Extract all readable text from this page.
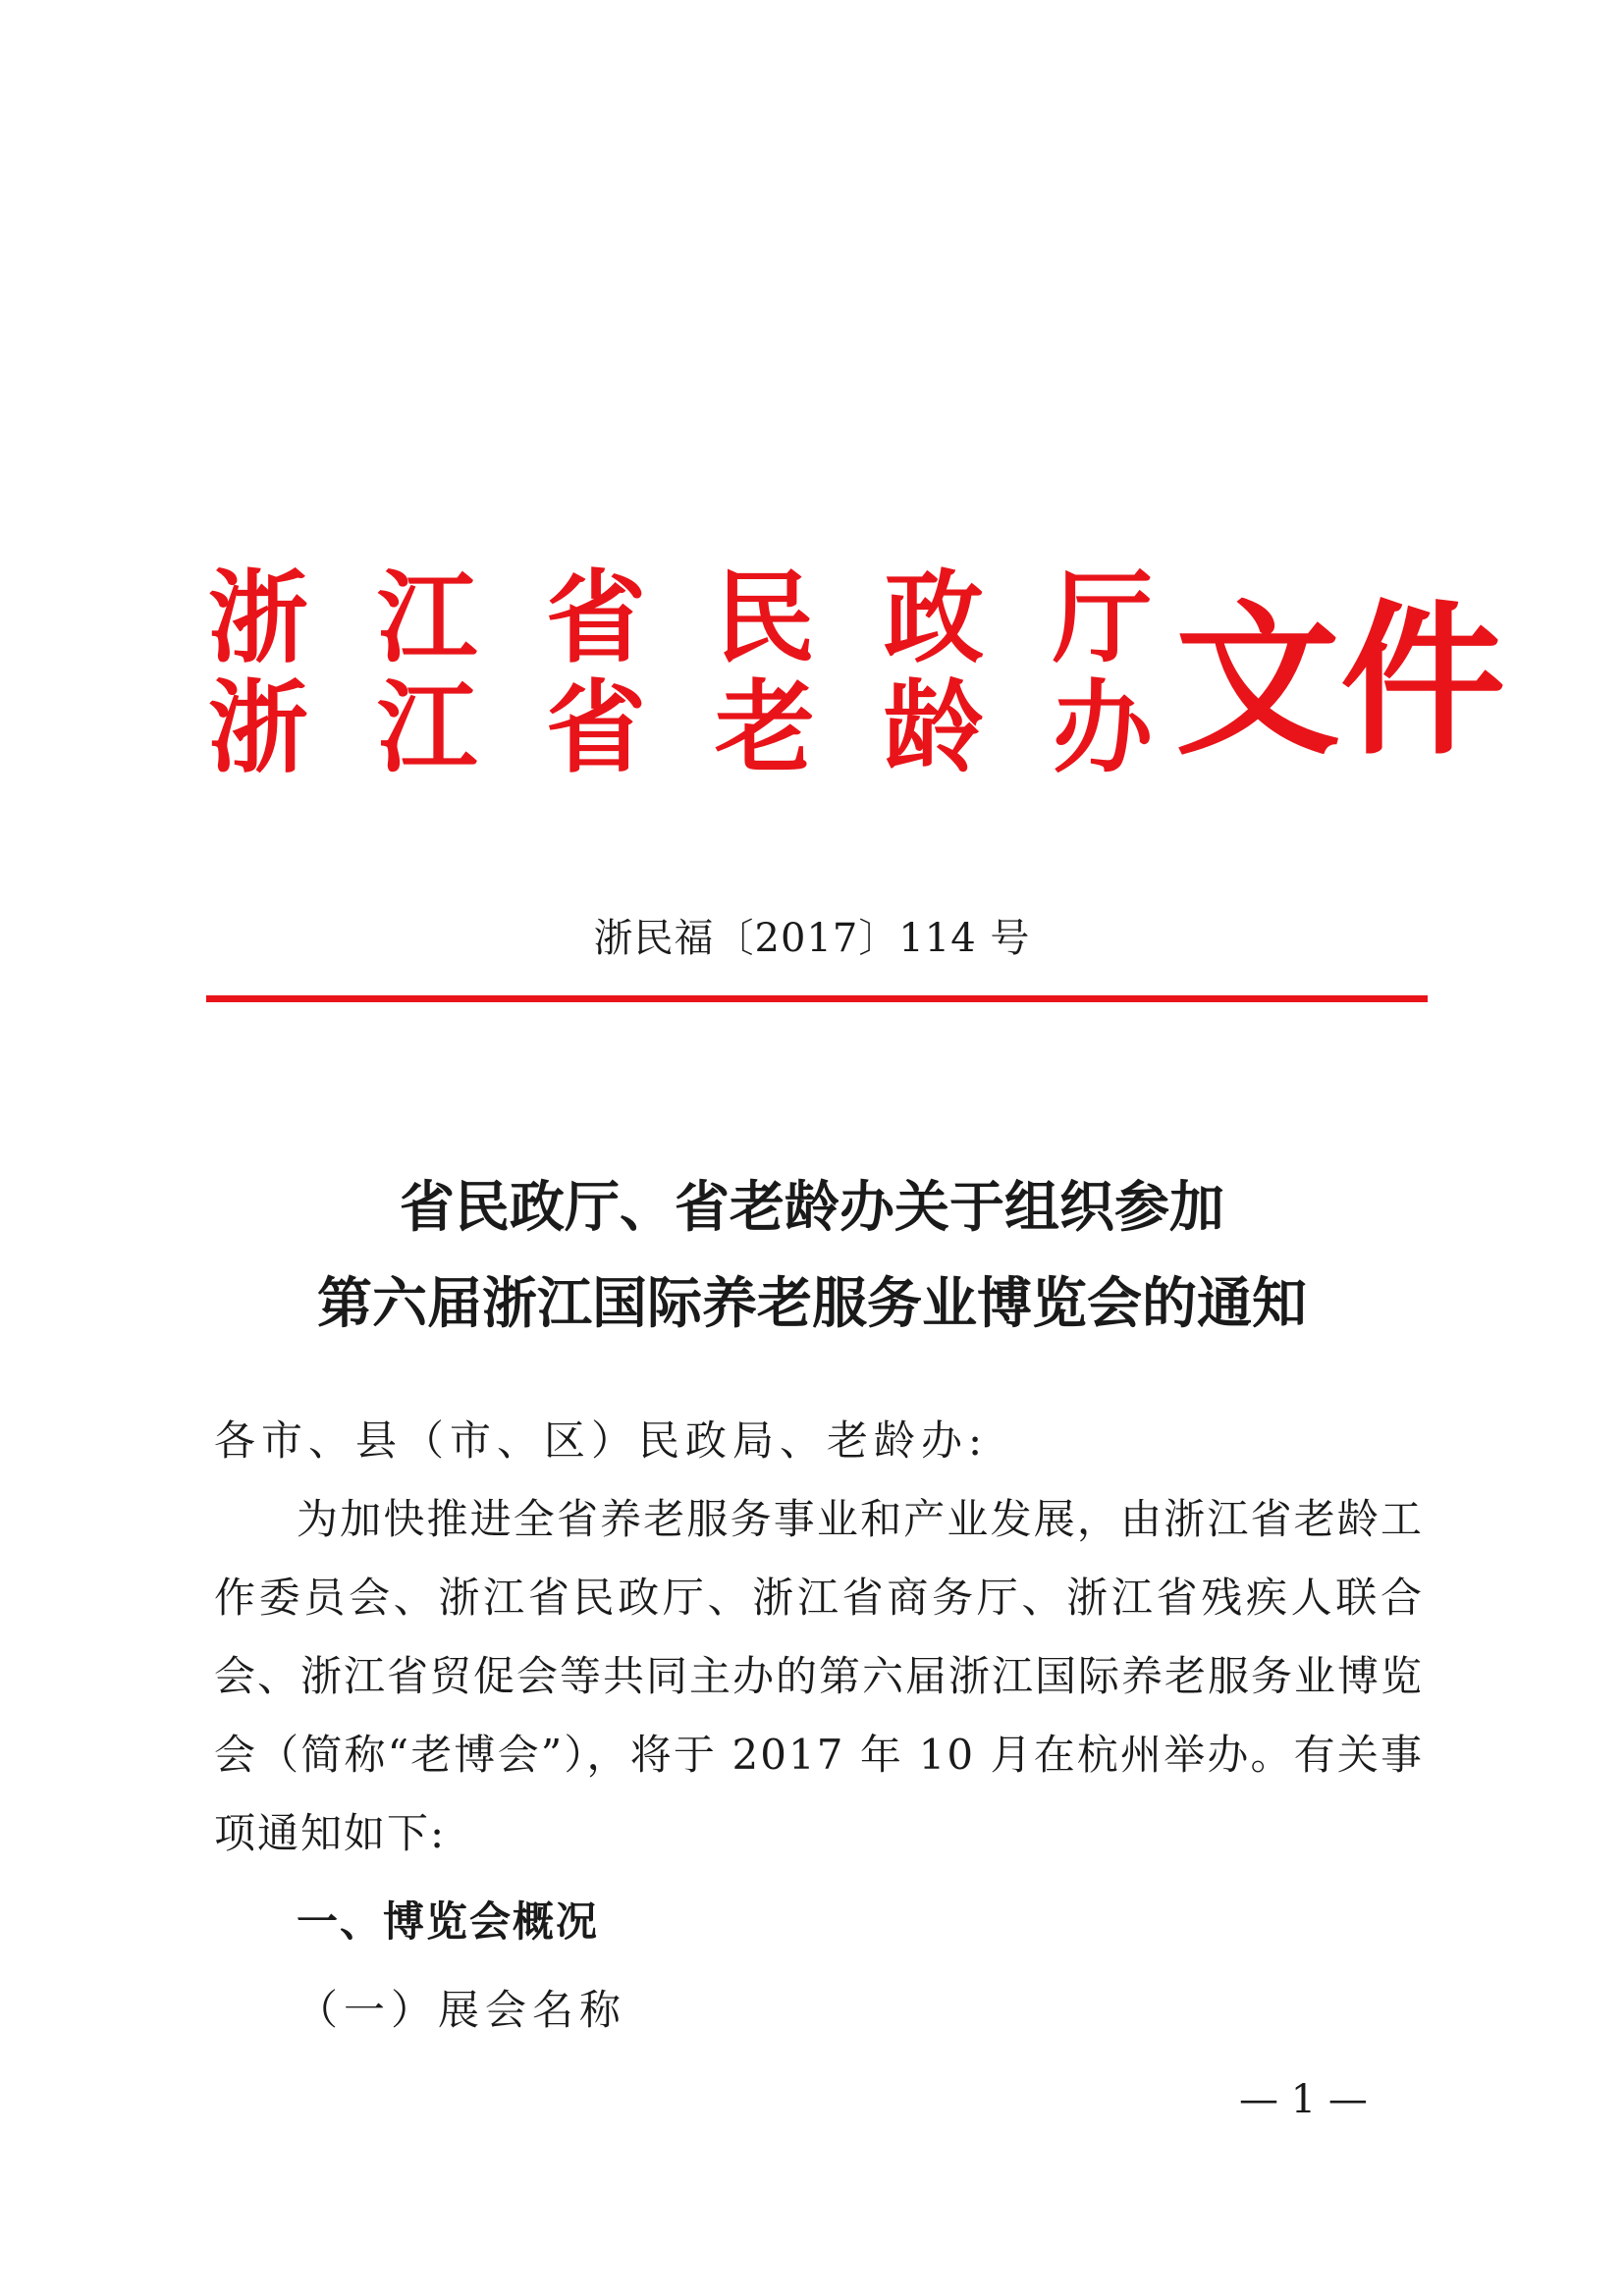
浙 江 省 民 政 厅
浙 江 省 老 龄 办 文件
浙民福〔2017〕114 号
省民政厅、省老龄办关于组织参加
第六届浙江国际养老服务业博览会的通知
各市、县（市、区）民政局、老龄办:
为加快推进全省养老服务事业和产业发展，由浙江省老龄工作委员会、浙江省民政厅、浙江省商务厅、浙江省残疾人联合会、浙江省贸促会等共同主办的第六届浙江国际养老服务业博览会（简称“老博会”），将于 2017 年 10 月在杭州举办。有关事项通知如下:
一、博览会概况
（一）展会名称
— 1 —
